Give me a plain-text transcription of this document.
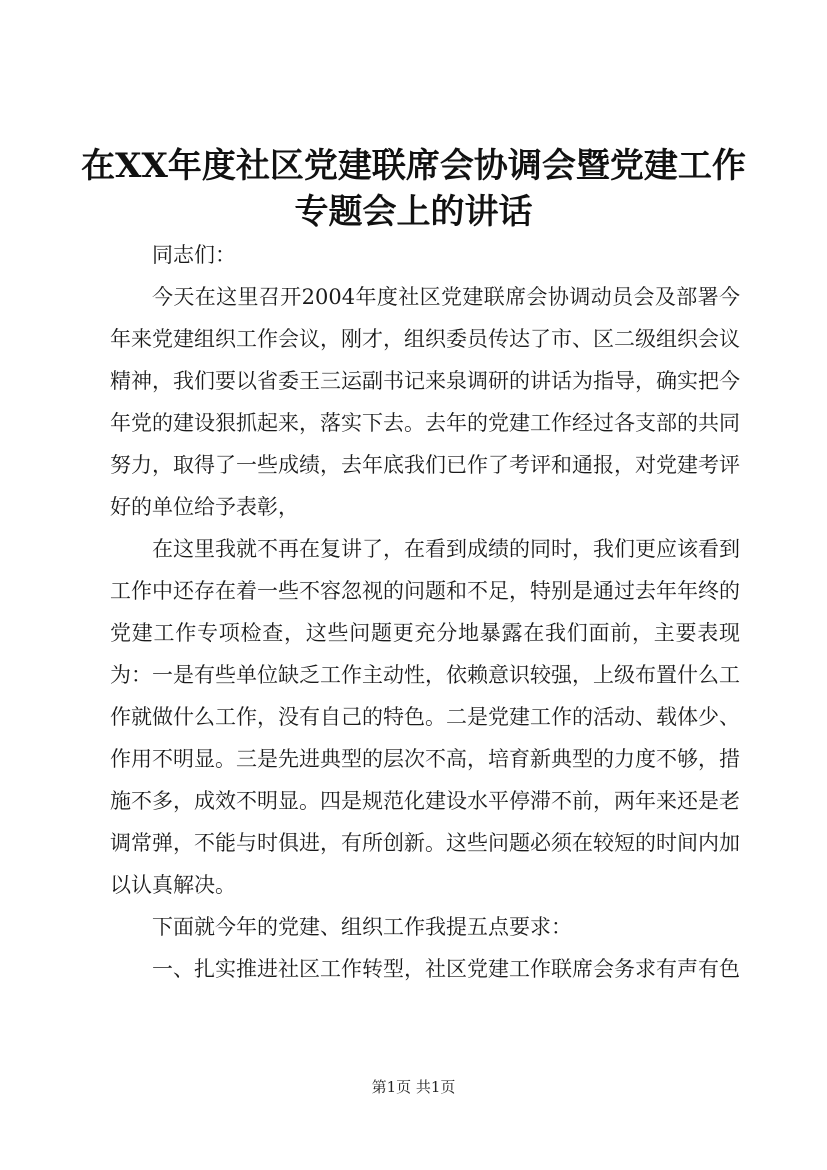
在XX年度社区党建联席会协调会暨党建工作
专题会上的讲话

同志们：

今天在这里召开2004年度社区党建联席会协调动员会及部署今年来党建组织工作会议，刚才，组织委员传达了市、区二级组织会议精神，我们要以省委王三运副书记来泉调研的讲话为指导，确实把今年党的建设狠抓起来，落实下去。去年的党建工作经过各支部的共同努力，取得了一些成绩，去年底我们已作了考评和通报，对党建考评好的单位给予表彰，

在这里我就不再在复讲了，在看到成绩的同时，我们更应该看到工作中还存在着一些不容忽视的问题和不足，特别是通过去年年终的党建工作专项检查，这些问题更充分地暴露在我们面前，主要表现为：一是有些单位缺乏工作主动性，依赖意识较强，上级布置什么工作就做什么工作，没有自己的特色。二是党建工作的活动、载体少、作用不明显。三是先进典型的层次不高，培育新典型的力度不够，措施不多，成效不明显。四是规范化建设水平停滞不前，两年来还是老调常弹，不能与时俱进，有所创新。这些问题必须在较短的时间内加以认真解决。

下面就今年的党建、组织工作我提五点要求：

一、扎实推进社区工作转型，社区党建工作联席会务求有声有色

第1页 共1页
